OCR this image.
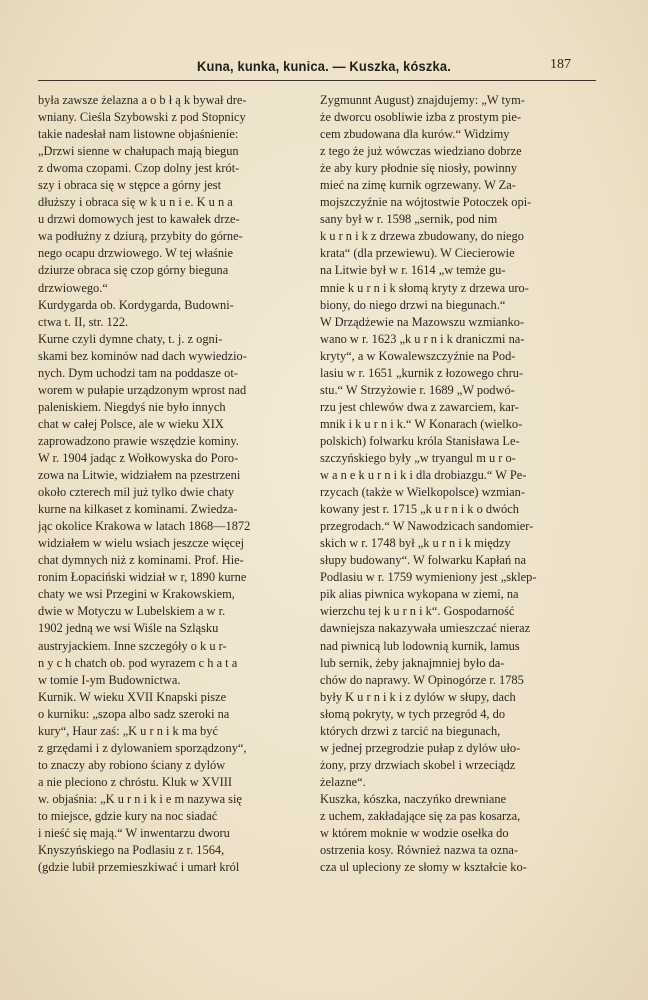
Kuna, kunka, kunica. — Kuszka, kószka.	187
była zawsze żelazna a o b ł ą k bywał dre-
wniany. Cieśla Szybowski z pod Stopnicy
takie nadesłał nam listowne objaśnienie:
„Drzwi sienne w chałupach mają biegun
z dwoma czopami. Czop dolny jest krót-
szy i obraca się w stępce a górny jest
dłuższy i obraca się w k u n i e. K u n a
u drzwi domowych jest to kawałek drze-
wa podłużny z dziurą, przybity do górne-
nego ocapu drzwiowego. W tej właśnie
dziurze obraca się czop górny bieguna
drzwiowego.“
Kurdygarda ob. Kordygarda, Budowni-
ctwa t. II, str. 122.
Kurne czyli dymne chaty, t. j. z ogni-
skami bez kominów nad dach wywiedzio-
nych. Dym uchodzi tam na poddasze ot-
worem w pułapie urządzonym wprost nad
paleniskiem. Niegdyś nie było innych
chat w całej Polsce, ale w wieku XIX
zaprowadzono prawie wszędzie kominy.
W r. 1904 jadąc z Wołkowyska do Poro-
zowa na Litwie, widziałem na pzestrzeni
około czterech mil już tylko dwie chaty
kurne na kilkaset z kominami. Zwiedza-
jąc okolice Krakowa w latach 1868—1872
widziałem w wielu wsiach jeszcze więcej
chat dymnych niż z kominami. Prof. Hie-
ronim Łopaciński widział w r, 1890 kurne
chaty we wsi Przegini w Krakowskiem,
dwie w Motyczu w Lubelskiem a w r.
1902 jedną we wsi Wiśle na Szląsku
austryjackiem. Inne szczegóły o k u r-
n y c h chatch ob. pod wyrazem c h a t a
w tomie I-ym Budownictwa.
Kurnik. W wieku XVII Knapski pisze
o kurniku: „szopa albo sadz szeroki na
kury“, Haur zaś: „K u r n i k ma być
z grzędami i z dylowaniem sporządzony“,
to znaczy aby robiono ściany z dylów
a nie pleciono z chróstu. Kluk w XVIII
w. objaśnia: „K u r n i k i e m nazywa się
to miejsce, gdzie kury na noc siadać
i nieść się mają.“ W inwentarzu dworu
Knyszyńskiego na Podlasiu z r. 1564,
(gdzie lubił przemieszkiwać i umarł król
Zygmunnt August) znajdujemy: „W tym-
że dworcu osobliwie izba z prostym pie-
cem zbudowana dla kurów.“ Widzimy
z tego że już wówczas wiedziano dobrze
że aby kury płodnie się niosły, powinny
mieć na zimę kurnik ogrzewany. W Za-
mojszczyźnie na wójtostwie Potoczek opi-
sany był w r. 1598 „sernik, pod nim
k u r n i k z drzewa zbudowany, do niego
krata“ (dla przewiewu). W Ciecierowie
na Litwie był w r. 1614 „w temże gu-
mnie k u r n i k słomą kryty z drzewa uro-
biony, do niego drzwi na biegunach.“
W Drządżewie na Mazowszu wzmianko-
wano w r. 1623 „k u r n i k draniczmi na-
kryty“, a w Kowalewszczyźnie na Pod-
lasiu w r. 1651 „kurnik z łozowego chru-
stu.“ W Strzyżowie r. 1689 „W podwó-
rzu jest chlewów dwa z zawarciem, kar-
mnik i k u r n i k.“ W Konarach (wielko-
polskich) folwarku króla Stanisława Le-
szczyńskiego były „w tryangul m u r o-
w a n e k u r n i k i dla drobiazgu.“ W Pe-
rzycach (także w Wielkopolsce) wzmian-
kowany jest r. 1715 „k u r n i k o dwóch
przegrodach.“ W Nawodzicach sandomier-
skich w r. 1748 był „k u r n i k między
słupy budowany“. W folwarku Kapłań na
Podlasiu w r. 1759 wymieniony jest „sklep-
pik alias piwnica wykopana w ziemi, na
wierzchu tej k u r n i k“. Gospodarność
dawniejsza nakazywała umieszczać nieraz
nad piwnicą lub lodownią kurnik, lamus
lub sernik, żeby jaknajmniej było da-
chów do naprawy. W Opinogórze r. 1785
były K u r n i k i z dylów w słupy, dach
słomą pokryty, w tych przegród 4, do
których drzwi z tarcić na biegunach,
w jednej przegrodzie pułap z dylów uło-
żony, przy drzwiach skobel i wrzeciądz
żelazne“.
Kuszka, kószka, naczyńko drewniane
z uchem, zakładające się za pas kosarza,
w którem moknie w wodzie osełka do
ostrzenia kosy. Również nazwa ta ozna-
cza ul upleciony ze słomy w kształcie ko-
